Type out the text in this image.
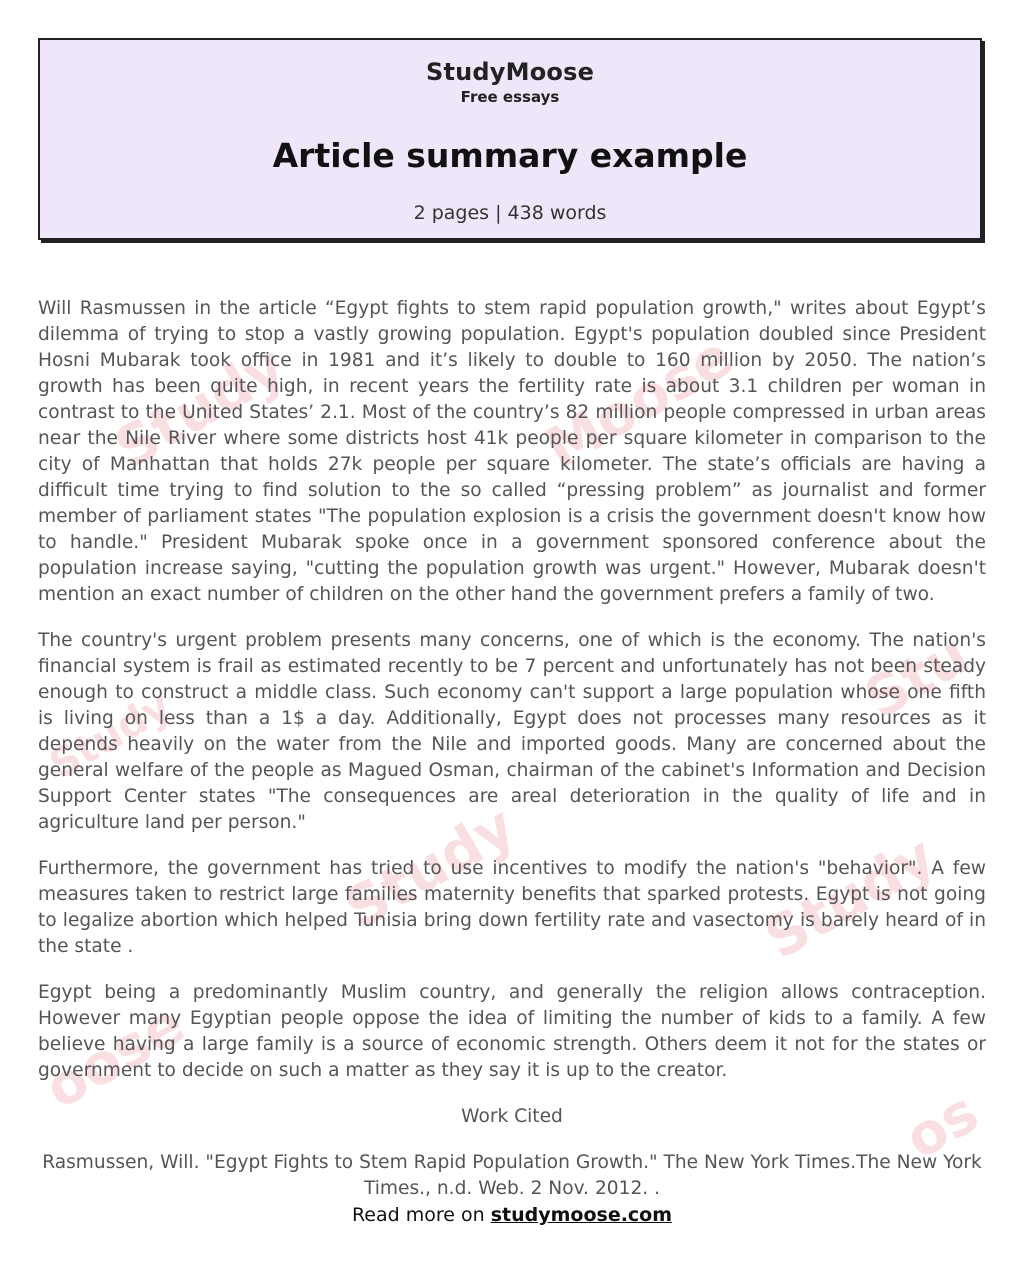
Study	Moose
Stu
Study	Study
oose
os
Study
StudyMoose
Free essays
Article summary example
2 pages | 438 words

Will Rasmussen in the article “Egypt fights to stem rapid population growth," writes about Egypt’s dilemma of trying to stop a vastly growing population. Egypt's population doubled since President Hosni Mubarak took office in 1981 and it’s likely to double to 160 million by 2050. The nation’s growth has been quite high, in recent years the fertility rate is about 3.1 children per woman in contrast to the United States’ 2.1. Most of the country’s 82 million people compressed in urban areas near the Nile River where some districts host 41k people per square kilometer in comparison to the city of Manhattan that holds 27k people per square kilometer. The state’s officials are having a difficult time trying to find solution to the so called “pressing problem” as journalist and former member of parliament states "The population explosion is a crisis the government doesn't know how to handle." President Mubarak spoke once in a government sponsored conference about the population increase saying, "cutting the population growth was urgent." However, Mubarak doesn't mention an exact number of children on the other hand the government prefers a family of two.

The country's urgent problem presents many concerns, one of which is the economy. The nation's financial system is frail as estimated recently to be 7 percent and unfortunately has not been steady enough to construct a middle class. Such economy can't support a large population whose one fifth is living on less than a 1$ a day. Additionally, Egypt does not processes many resources as it depends heavily on the water from the Nile and imported goods. Many are concerned about the general welfare of the people as Magued Osman, chairman of the cabinet's Information and Decision Support Center states "The consequences are areal deterioration in the quality of life and in agriculture land per person."

Furthermore, the government has tried to use incentives to modify the nation's "behavior". A few measures taken to restrict large families maternity benefits that sparked protests. Egypt is not going to legalize abortion which helped Tunisia bring down fertility rate and vasectomy is barely heard of in the state .

Egypt being a predominantly Muslim country, and generally the religion allows contraception. However many Egyptian people oppose the idea of limiting the number of kids to a family. A few believe having a large family is a source of economic strength. Others deem it not for the states or government to decide on such a matter as they say it is up to the creator.

Work Cited

Rasmussen, Will. "Egypt Fights to Stem Rapid Population Growth." The New York Times.The New York Times., n.d. Web. 2 Nov. 2012. .

Read more on studymoose.com
